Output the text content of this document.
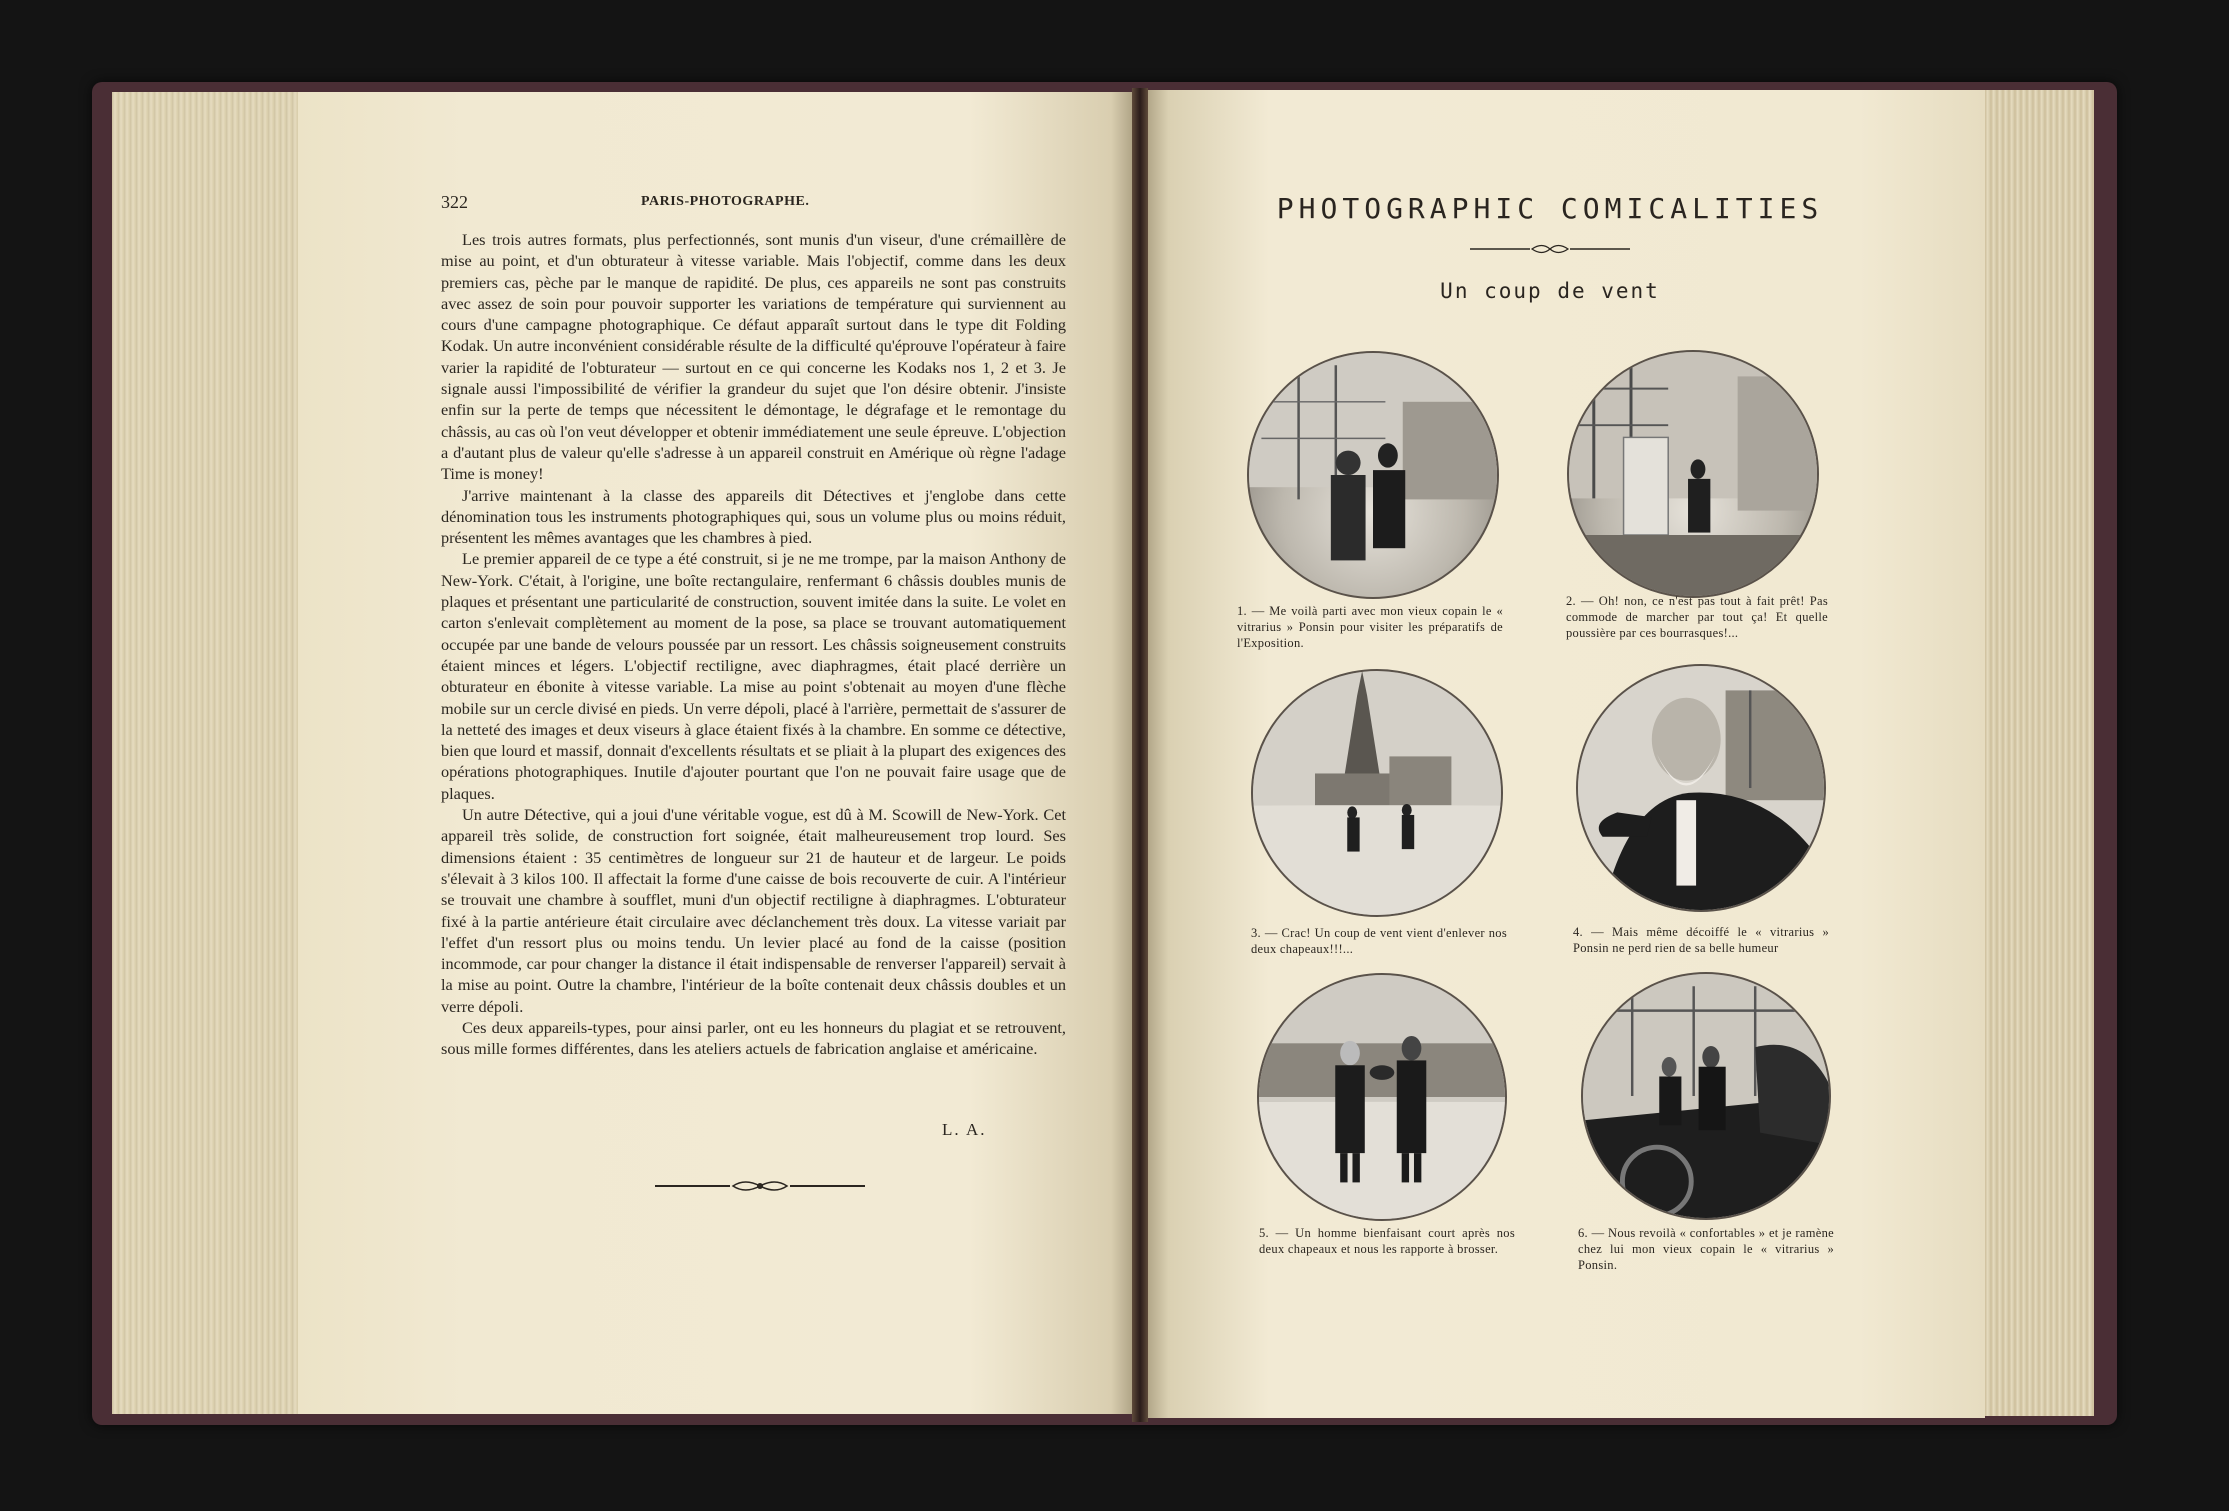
322	PARIS-PHOTOGRAPHE.

Les trois autres formats, plus perfectionnés, sont munis d'un viseur, d'une crémaillère de mise au point, et d'un obturateur à vitesse variable. Mais l'objectif, comme dans les deux premiers cas, pèche par le manque de rapidité. De plus, ces appareils ne sont pas construits avec assez de soin pour pouvoir supporter les variations de température qui surviennent au cours d'une campagne photographique. Ce défaut apparaît surtout dans le type dit Folding Kodak. Un autre inconvénient considérable résulte de la difficulté qu'éprouve l'opérateur à faire varier la rapidité de l'obturateur — surtout en ce qui concerne les Kodaks nos 1, 2 et 3. Je signale aussi l'impossibilité de vérifier la grandeur du sujet que l'on désire obtenir. J'insiste enfin sur la perte de temps que nécessitent le démontage, le dégrafage et le remontage du châssis, au cas où l'on veut développer et obtenir immédiatement une seule épreuve. L'objection a d'autant plus de valeur qu'elle s'adresse à un appareil construit en Amérique où règne l'adage Time is money!

J'arrive maintenant à la classe des appareils dit Détectives et j'englobe dans cette dénomination tous les instruments photographiques qui, sous un volume plus ou moins réduit, présentent les mêmes avantages que les chambres à pied.

Le premier appareil de ce type a été construit, si je ne me trompe, par la maison Anthony de New-York. C'était, à l'origine, une boîte rectangulaire, renfermant 6 châssis doubles munis de plaques et présentant une particularité de construction, souvent imitée dans la suite. Le volet en carton s'enlevait complètement au moment de la pose, sa place se trouvant automatiquement occupée par une bande de velours poussée par un ressort. Les châssis soigneusement construits étaient minces et légers. L'objectif rectiligne, avec diaphragmes, était placé derrière un obturateur en ébonite à vitesse variable. La mise au point s'obtenait au moyen d'une flèche mobile sur un cercle divisé en pieds. Un verre dépoli, placé à l'arrière, permettait de s'assurer de la netteté des images et deux viseurs à glace étaient fixés à la chambre. En somme ce détective, bien que lourd et massif, donnait d'excellents résultats et se pliait à la plupart des exigences des opérations photographiques. Inutile d'ajouter pourtant que l'on ne pouvait faire usage que de plaques.

Un autre Détective, qui a joui d'une véritable vogue, est dû à M. Scowill de New-York. Cet appareil très solide, de construction fort soignée, était malheureusement trop lourd. Ses dimensions étaient : 35 centimètres de longueur sur 21 de hauteur et de largeur. Le poids s'élevait à 3 kilos 100. Il affectait la forme d'une caisse de bois recouverte de cuir. A l'intérieur se trouvait une chambre à soufflet, muni d'un objectif rectiligne à diaphragmes. L'obturateur fixé à la partie antérieure était circulaire avec déclanchement très doux. La vitesse variait par l'effet d'un ressort plus ou moins tendu. Un levier placé au fond de la caisse (position incommode, car pour changer la distance il était indispensable de renverser l'appareil) servait à la mise au point. Outre la chambre, l'intérieur de la boîte contenait deux châssis doubles et un verre dépoli.

Ces deux appareils-types, pour ainsi parler, ont eu les honneurs du plagiat et se retrouvent, sous mille formes différentes, dans les ateliers actuels de fabrication anglaise et américaine.

L. A.
PHOTOGRAPHIC COMICALITIES
Un coup de vent
1. — Me voilà parti avec mon vieux copain le « vitrarius » Ponsin pour visiter les préparatifs de l'Exposition.
2. — Oh! non, ce n'est pas tout à fait prêt! Pas commode de marcher par tout ça! Et quelle poussière par ces bourrasques!...
3. — Crac! Un coup de vent vient d'enlever nos deux chapeaux!!!...
4. — Mais même décoiffé le « vitrarius » Ponsin ne perd rien de sa belle humeur
5. — Un homme bienfaisant court après nos deux chapeaux et nous les rapporte à brosser.
6. — Nous revoilà « confortables » et je ramène chez lui mon vieux copain le « vitrarius » Ponsin.
